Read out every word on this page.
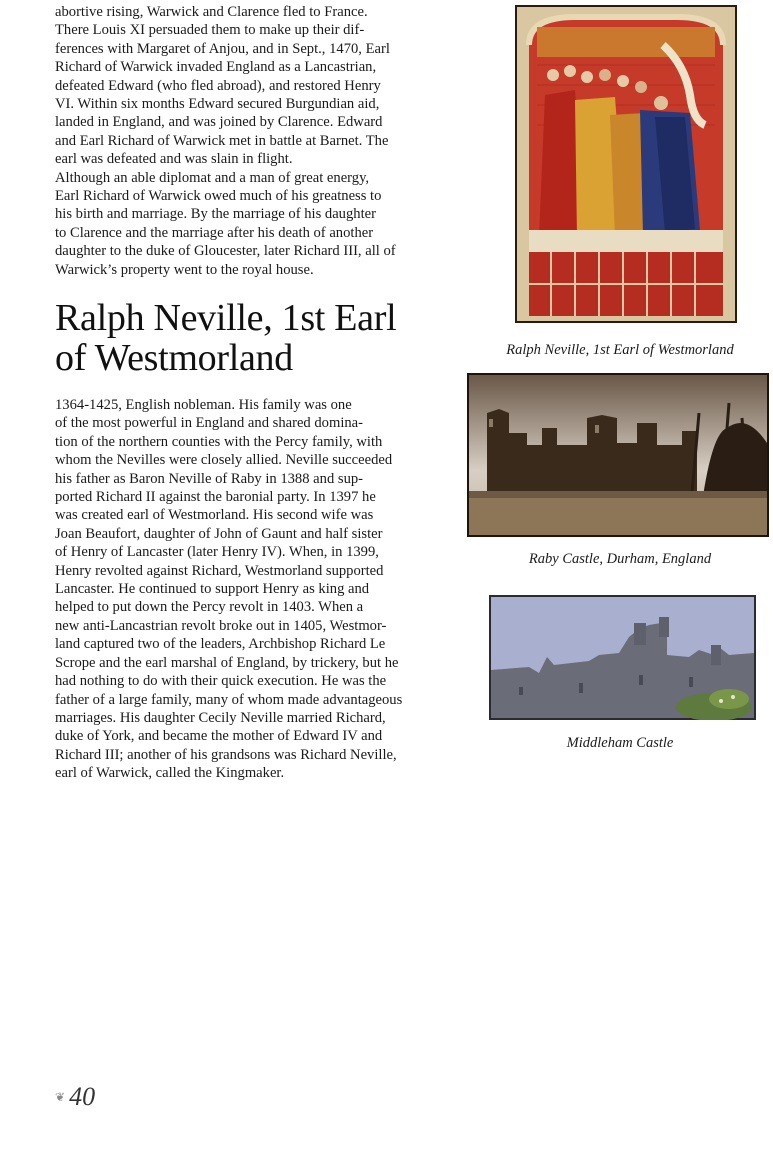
abortive rising, Warwick and Clarence fled to France.
There Louis XI persuaded them to make up their dif-
ferences with Margaret of Anjou, and in Sept., 1470, Earl
Richard of Warwick invaded England as a Lancastrian,
defeated Edward (who fled abroad), and restored Henry
VI. Within six months Edward secured Burgundian aid,
landed in England, and was joined by Clarence. Edward
and Earl Richard of Warwick met in battle at Barnet. The
earl was defeated and was slain in flight.

Although an able diplomat and a man of great energy,
Earl Richard of Warwick owed much of his greatness to
his birth and marriage. By the marriage of his daughter
to Clarence and the marriage after his death of another
daughter to the duke of Gloucester, later Richard III, all of
Warwick’s property went to the royal house.

Ralph Neville, 1st Earl of Westmorland

1364-1425, English nobleman. His family was one
of the most powerful in England and shared domina-
tion of the northern counties with the Percy family, with
whom the Nevilles were closely allied. Neville succeeded
his father as Baron Neville of Raby in 1388 and sup-
ported Richard II against the baronial party. In 1397 he
was created earl of Westmorland. His second wife was
Joan Beaufort, daughter of John of Gaunt and half sister
of Henry of Lancaster (later Henry IV). When, in 1399,
Henry revolted against Richard, Westmorland supported
Lancaster. He continued to support Henry as king and
helped to put down the Percy revolt in 1403. When a
new anti-Lancastrian revolt broke out in 1405, Westmor-
land captured two of the leaders, Archbishop Richard Le
Scrope and the earl marshal of England, by trickery, but he
had nothing to do with their quick execution. He was the
father of a large family, many of whom made advantageous
marriages. His daughter Cecily Neville married Richard,
duke of York, and became the mother of Edward IV and
Richard III; another of his grandsons was Richard Neville,
earl of Warwick, called the Kingmaker.

Ralph Neville, 1st Earl of Westmorland
Raby Castle, Durham, England
Middleham Castle
❦ 40
